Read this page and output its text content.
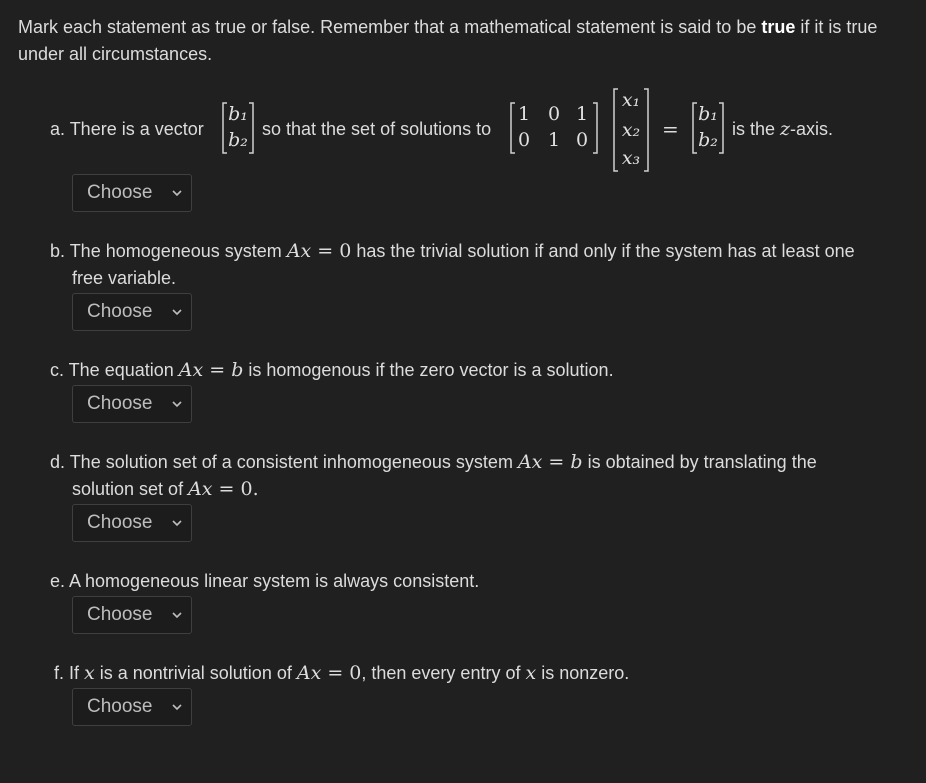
Mark each statement as true or false. Remember that a mathematical statement is said to be true if it is true under all circumstances.

a. There is a vector
b₁
b₂ so that the set of solutions to
1 0 1
0 1 0
x₁
x₂
x₃
=
b₁
b₂ is the z-axis.
Choose
b. The homogeneous system Ax = 0 has the trivial solution if and only if the system has at least one
free variable.
Choose
c. The equation Ax = b is homogenous if the zero vector is a solution.
Choose
d. The solution set of a consistent inhomogeneous system Ax = b is obtained by translating the
solution set of Ax = 0.
Choose
e. A homogeneous linear system is always consistent.
Choose
f. If x is a nontrivial solution of Ax = 0, then every entry of x is nonzero.
Choose
